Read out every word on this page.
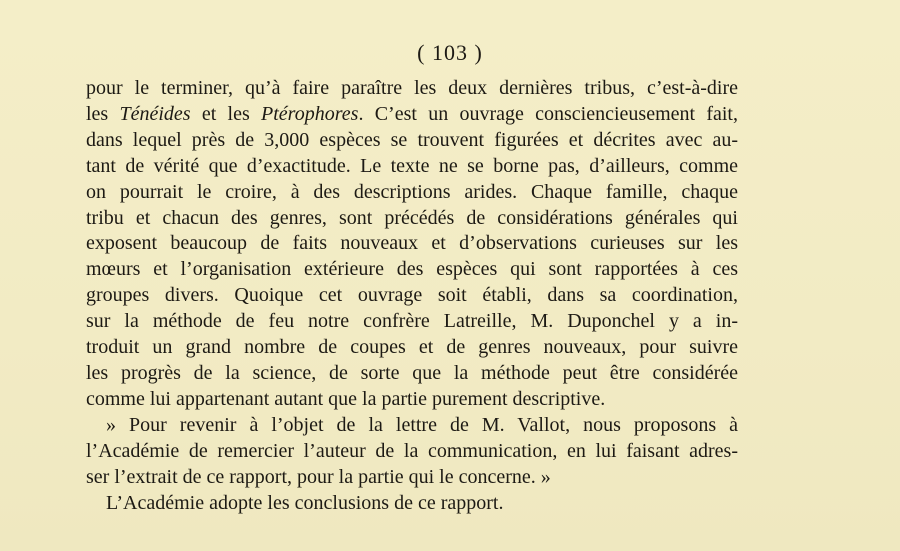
( 103 )
pour le terminer, qu’à faire paraître les deux dernières tribus, c’est-à-dire
les Ténéides et les Ptérophores. C’est un ouvrage consciencieusement fait,
dans lequel près de 3,000 espèces se trouvent figurées et décrites avec au-
tant de vérité que d’exactitude. Le texte ne se borne pas, d’ailleurs, comme
on pourrait le croire, à des descriptions arides. Chaque famille, chaque
tribu et chacun des genres, sont précédés de considérations générales qui
exposent beaucoup de faits nouveaux et d’observations curieuses sur les
mœurs et l’organisation extérieure des espèces qui sont rapportées à ces
groupes divers. Quoique cet ouvrage soit établi, dans sa coordination,
sur la méthode de feu notre confrère Latreille, M. Duponchel y a in-
troduit un grand nombre de coupes et de genres nouveaux, pour suivre
les progrès de la science, de sorte que la méthode peut être considérée
comme lui appartenant autant que la partie purement descriptive.
» Pour revenir à l’objet de la lettre de M. Vallot, nous proposons à
l’Académie de remercier l’auteur de la communication, en lui faisant adres-
ser l’extrait de ce rapport, pour la partie qui le concerne. »
L’Académie adopte les conclusions de ce rapport.
